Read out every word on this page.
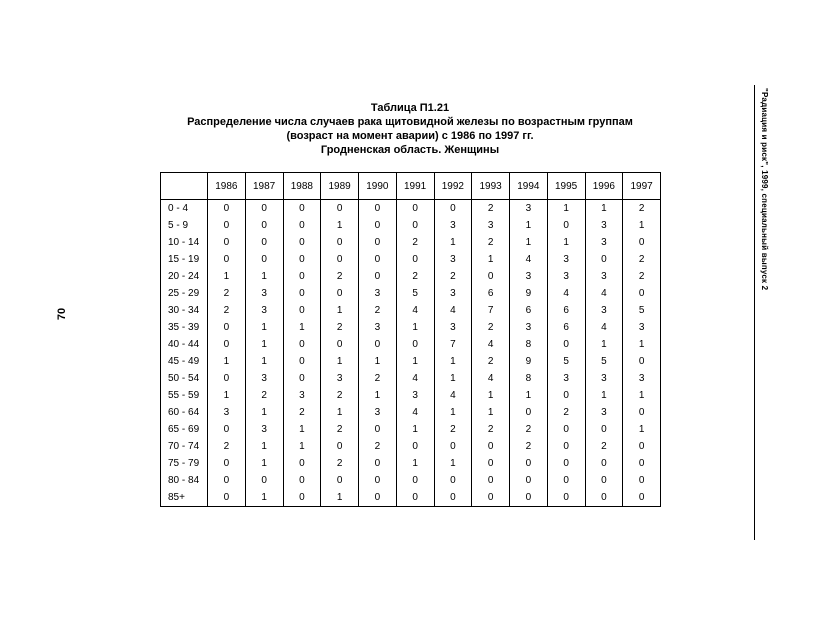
Таблица П1.21
Распределение числа случаев рака щитовидной железы по возрастным группам
(возраст на момент аварии) с 1986 по 1997 гг.
Гродненская область. Женщины
	1986	1987	1988	1989	1990	1991	1992	1993	1994	1995	1996	1997
0 - 4	0	0	0	0	0	0	0	2	3	1	1	2
5 - 9	0	0	0	1	0	0	3	3	1	0	3	1
10 - 14	0	0	0	0	0	2	1	2	1	1	3	0
15 - 19	0	0	0	0	0	0	3	1	4	3	0	2
20 - 24	1	1	0	2	0	2	2	0	3	3	3	2
25 - 29	2	3	0	0	3	5	3	6	9	4	4	0
30 - 34	2	3	0	1	2	4	4	7	6	6	3	5
35 - 39	0	1	1	2	3	1	3	2	3	6	4	3
40 - 44	0	1	0	0	0	0	7	4	8	0	1	1
45 - 49	1	1	0	1	1	1	1	2	9	5	5	0
50 - 54	0	3	0	3	2	4	1	4	8	3	3	3
55 - 59	1	2	3	2	1	3	4	1	1	0	1	1
60 - 64	3	1	2	1	3	4	1	1	0	2	3	0
65 - 69	0	3	1	2	0	1	2	2	2	0	0	1
70 - 74	2	1	1	0	2	0	0	0	2	0	2	0
75 - 79	0	1	0	2	0	1	1	0	0	0	0	0
80 - 84	0	0	0	0	0	0	0	0	0	0	0	0
85+	0	1	0	1	0	0	0	0	0	0	0	0
70
"Радиация и риск", 1999, специальный выпуск 2
